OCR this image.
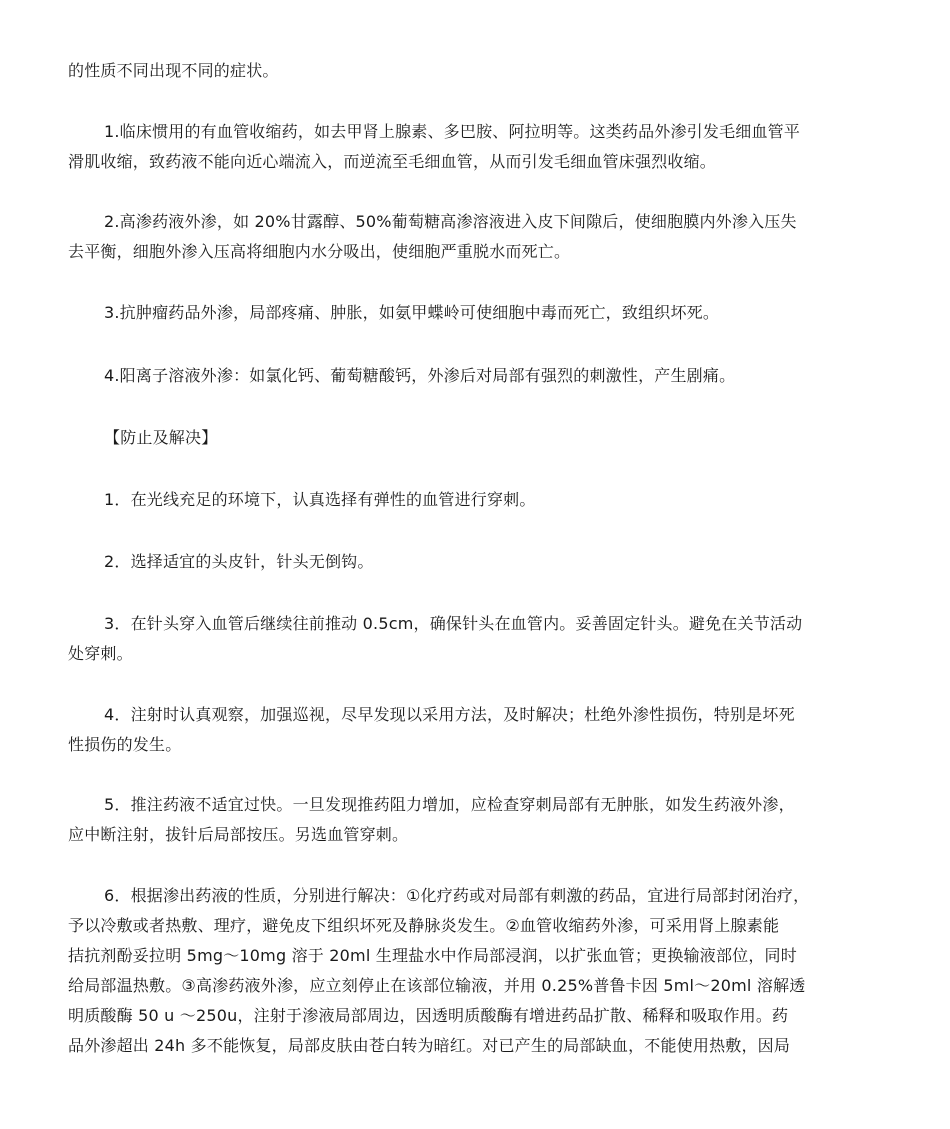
的性质不同出现不同的症状。

1.临床惯用的有血管收缩药，如去甲肾上腺素、多巴胺、阿拉明等。这类药品外渗引发毛细血管平
滑肌收缩，致药液不能向近心端流入，而逆流至毛细血管，从而引发毛细血管床强烈收缩。

2.高渗药液外渗，如 20%甘露醇、50%葡萄糖高渗溶液进入皮下间隙后，使细胞膜内外渗入压失
去平衡，细胞外渗入压高将细胞内水分吸出，使细胞严重脱水而死亡。

3.抗肿瘤药品外渗，局部疼痛、肿胀，如氨甲蝶岭可使细胞中毒而死亡，致组织坏死。

4.阳离子溶液外渗：如氯化钙、葡萄糖酸钙，外渗后对局部有强烈的刺激性，产生剧痛。

【防止及解决】

1．在光线充足的环境下，认真选择有弹性的血管进行穿刺。

2．选择适宜的头皮针，针头无倒钩。

3．在针头穿入血管后继续往前推动 0.5cm，确保针头在血管内。妥善固定针头。避免在关节活动
处穿刺。

4．注射时认真观察，加强巡视，尽早发现以采用方法，及时解决；杜绝外渗性损伤，特别是坏死
性损伤的发生。

5．推注药液不适宜过快。一旦发现推药阻力增加，应检查穿刺局部有无肿胀，如发生药液外渗，
应中断注射，拔针后局部按压。另选血管穿刺。

6．根据渗出药液的性质，分别进行解决：①化疗药或对局部有刺激的药品，宜进行局部封闭治疗，
予以冷敷或者热敷、理疗，避免皮下组织坏死及静脉炎发生。②血管收缩药外渗，可采用肾上腺素能
拮抗剂酚妥拉明 5mg～10mg 溶于 20ml 生理盐水中作局部浸润，以扩张血管；更换输液部位，同时
给局部温热敷。③高渗药液外渗，应立刻停止在该部位输液，并用 0.25%普鲁卡因 5ml～20ml 溶解透
明质酸酶 50 u ～250u，注射于渗液局部周边，因透明质酸酶有增进药品扩散、稀释和吸取作用。药
品外渗超出 24h 多不能恢复，局部皮肤由苍白转为暗红。对已产生的局部缺血，不能使用热敷，因局
